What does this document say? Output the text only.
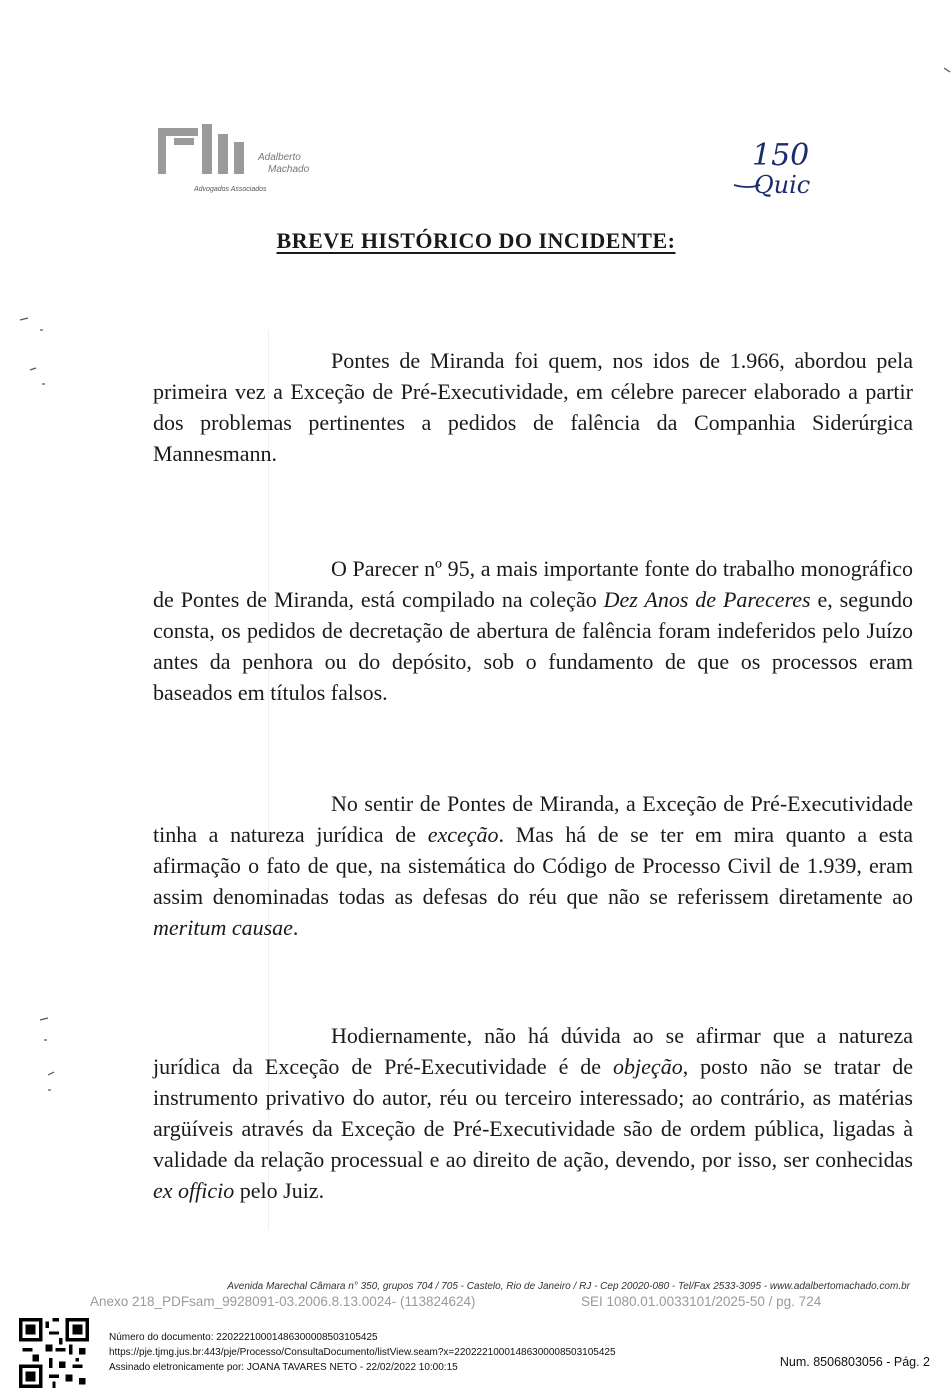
Adalberto
Machado
Advogados Associados
150
Quic
BREVE HISTÓRICO DO INCIDENTE:

Pontes de Miranda foi quem, nos idos de 1.966, abordou pela primeira vez a Exceção de Pré-Executividade, em célebre parecer elaborado a partir dos problemas pertinentes a pedidos de falência da Companhia Siderúrgica Mannesmann.

O Parecer nº 95, a mais importante fonte do trabalho monográfico de Pontes de Miranda, está compilado na coleção Dez Anos de Pareceres e, segundo consta, os pedidos de decretação de abertura de falência foram indeferidos pelo Juízo antes da penhora ou do depósito, sob o fundamento de que os processos eram baseados em títulos falsos.

No sentir de Pontes de Miranda, a Exceção de Pré-Executividade tinha a natureza jurídica de exceção. Mas há de se ter em mira quanto a esta afirmação o fato de que, na sistemática do Código de Processo Civil de 1.939, eram assim denominadas todas as defesas do réu que não se referissem diretamente ao meritum causae.

Hodiernamente, não há dúvida ao se afirmar que a natureza jurídica da Exceção de Pré-Executividade é de objeção, posto não se tratar de instrumento privativo do autor, réu ou terceiro interessado; ao contrário, as matérias argüíveis através da Exceção de Pré-Executividade são de ordem pública, ligadas à validade da relação processual e ao direito de ação, devendo, por isso, ser conhecidas ex officio pelo Juiz.

Avenida Marechal Câmara n° 350, grupos 704 / 705 - Castelo, Rio de Janeiro / RJ - Cep 20020-080 - Tel/Fax 2533-3095 - www.adalbertomachado.com.br
Anexo 218_PDFsam_9928091-03.2006.8.13.0024- (113824624)	SEI 1080.01.0033101/2025-50 / pg. 724
Número do documento: 22022210001486300008503105425
https://pje.tjmg.jus.br:443/pje/Processo/ConsultaDocumento/listView.seam?x=22022210001486300008503105425
Assinado eletronicamente por: JOANA TAVARES NETO - 22/02/2022 10:00:15	Num. 8506803056 - Pág. 2
